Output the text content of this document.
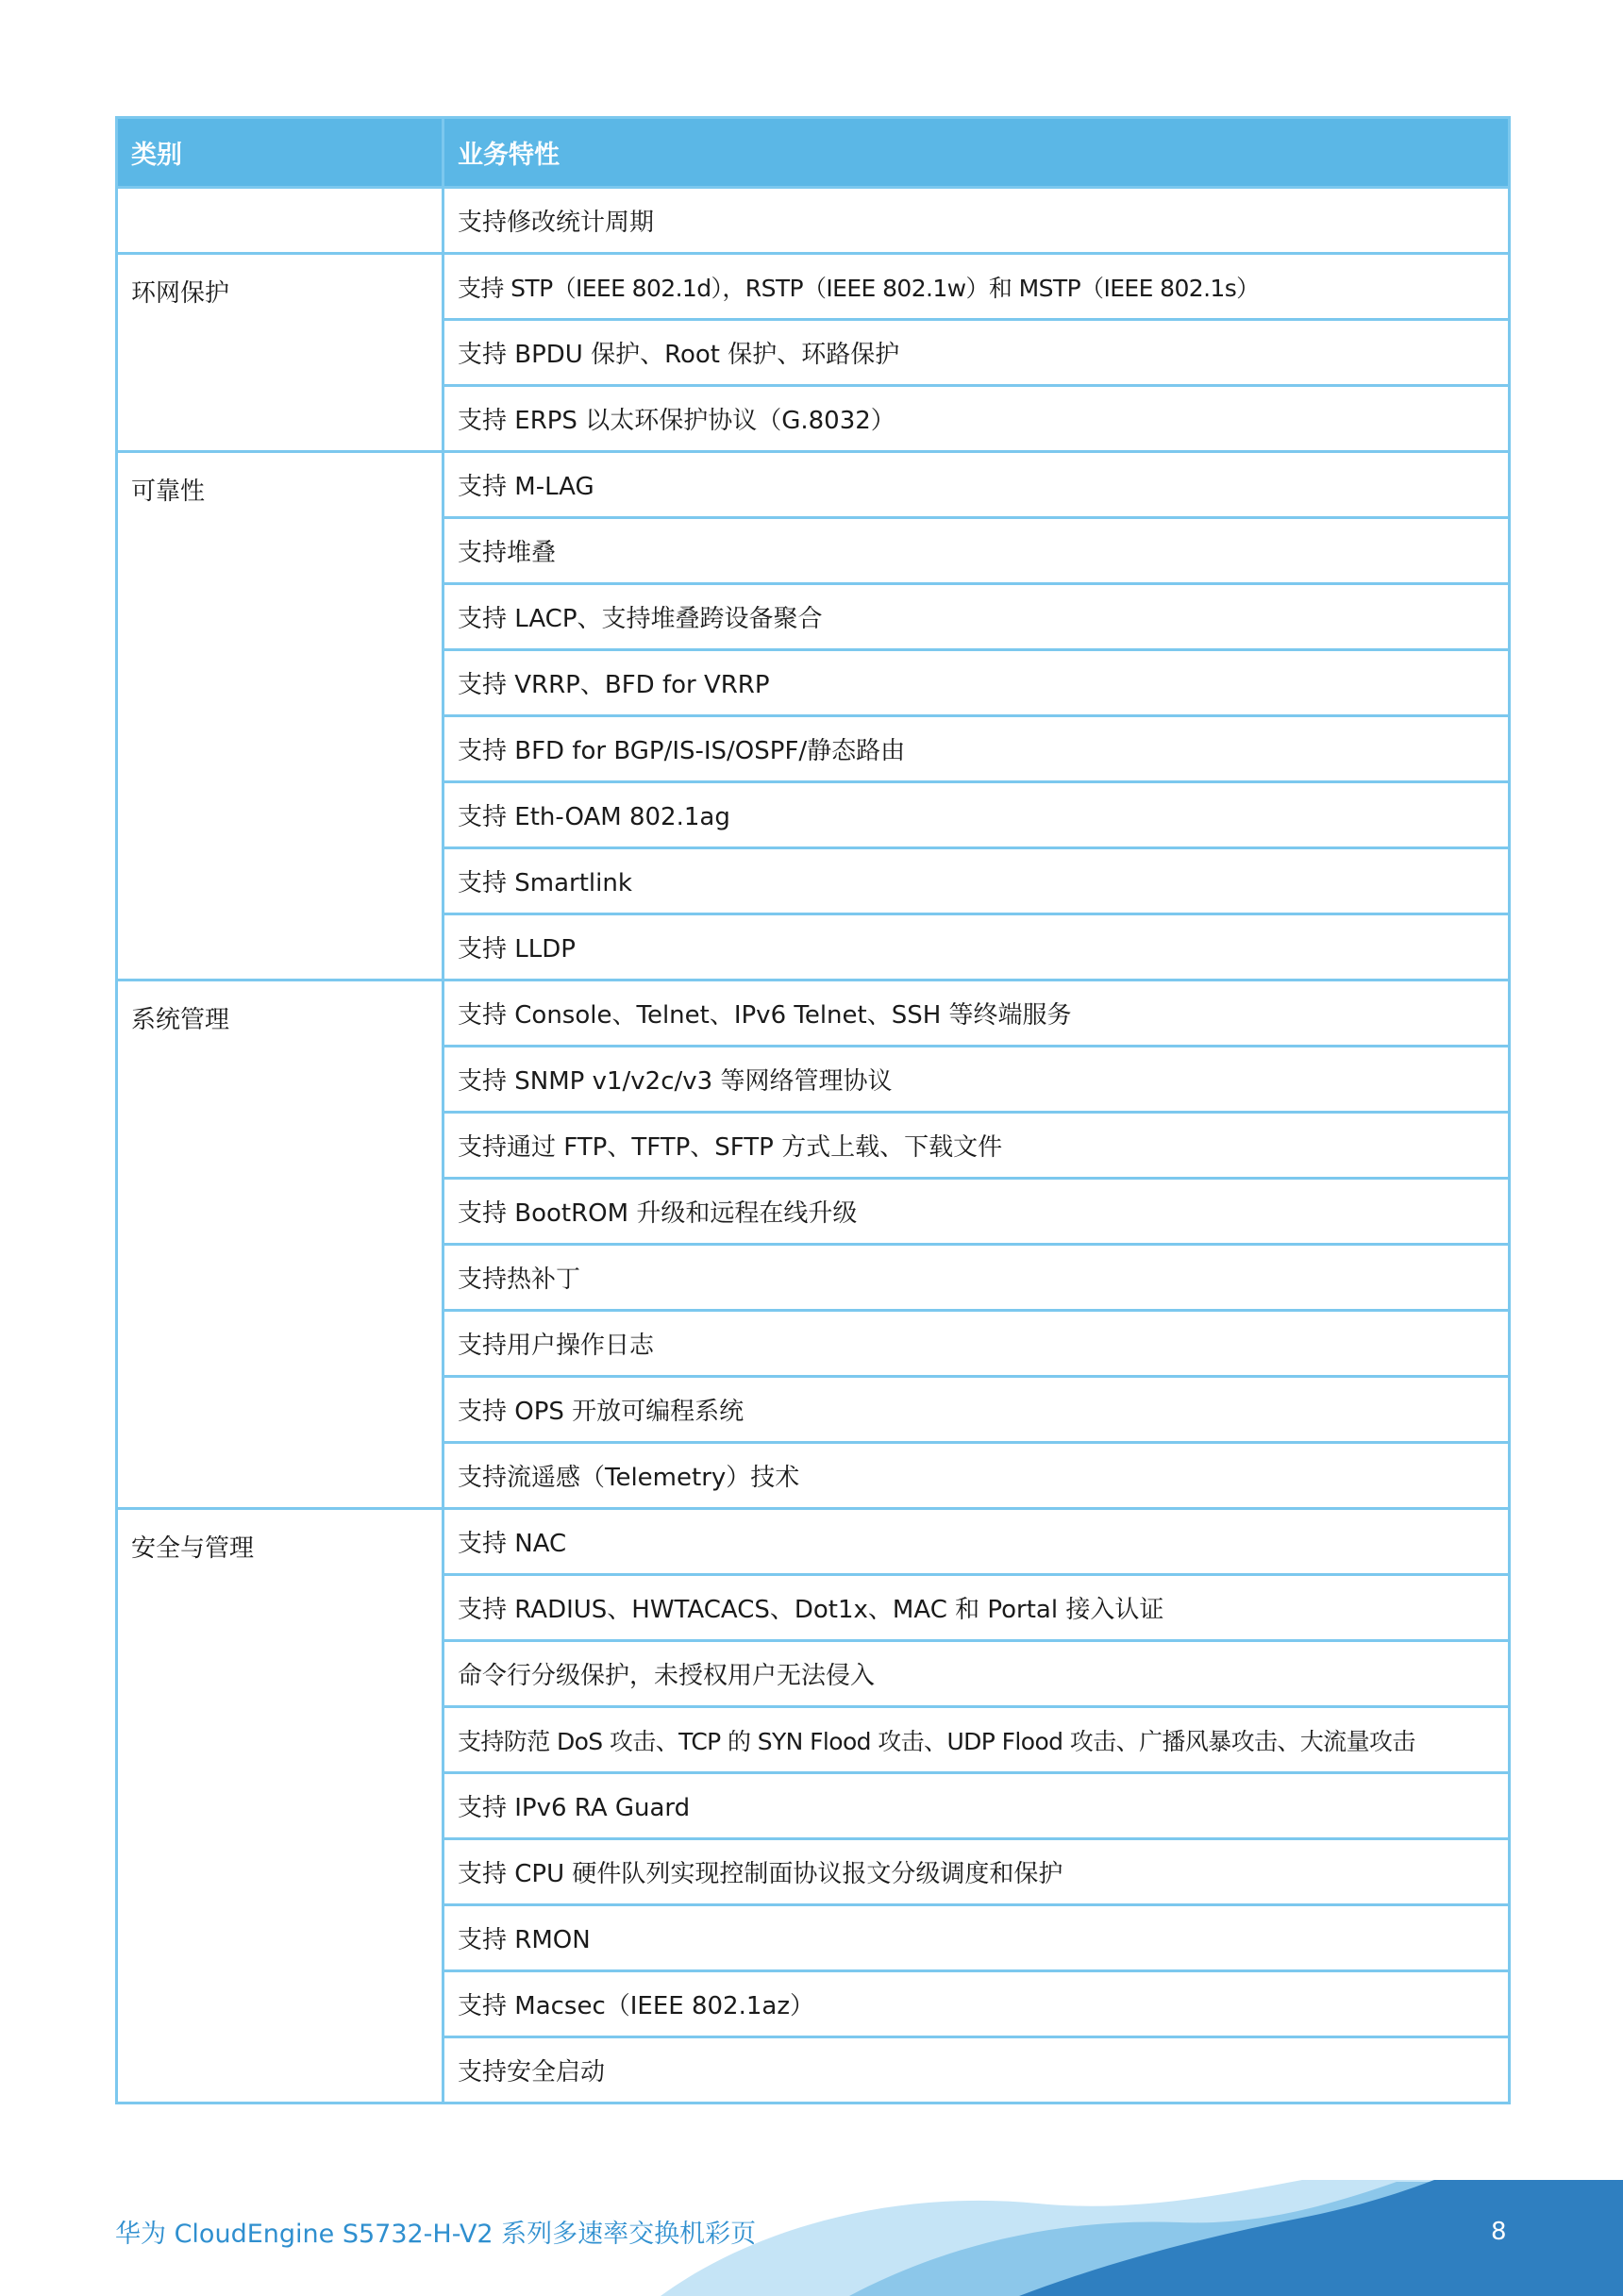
类别	业务特性
	支持修改统计周期
环网保护	支持 STP（IEEE 802.1d），RSTP（IEEE 802.1w）和 MSTP（IEEE 802.1s）
	支持 BPDU 保护、Root 保护、环路保护
	支持 ERPS 以太环保护协议（G.8032）
可靠性	支持 M-LAG
	支持堆叠
	支持 LACP、支持堆叠跨设备聚合
	支持 VRRP、BFD for VRRP
	支持 BFD for BGP/IS-IS/OSPF/静态路由
	支持 Eth-OAM 802.1ag
	支持 Smartlink
	支持 LLDP
系统管理	支持 Console、Telnet、IPv6 Telnet、SSH 等终端服务
	支持 SNMP v1/v2c/v3 等网络管理协议
	支持通过 FTP、TFTP、SFTP 方式上载、下载文件
	支持 BootROM 升级和远程在线升级
	支持热补丁
	支持用户操作日志
	支持 OPS 开放可编程系统
	支持流遥感（Telemetry）技术
安全与管理	支持 NAC
	支持 RADIUS、HWTACACS、Dot1x、MAC 和 Portal 接入认证
	命令行分级保护，未授权用户无法侵入
	支持防范 DoS 攻击、TCP 的 SYN Flood 攻击、UDP Flood 攻击、广播风暴攻击、大流量攻击
	支持 IPv6 RA Guard
	支持 CPU 硬件队列实现控制面协议报文分级调度和保护
	支持 RMON
	支持 Macsec（IEEE 802.1az）
	支持安全启动
华为 CloudEngine S5732-H-V2 系列多速率交换机彩页	8
